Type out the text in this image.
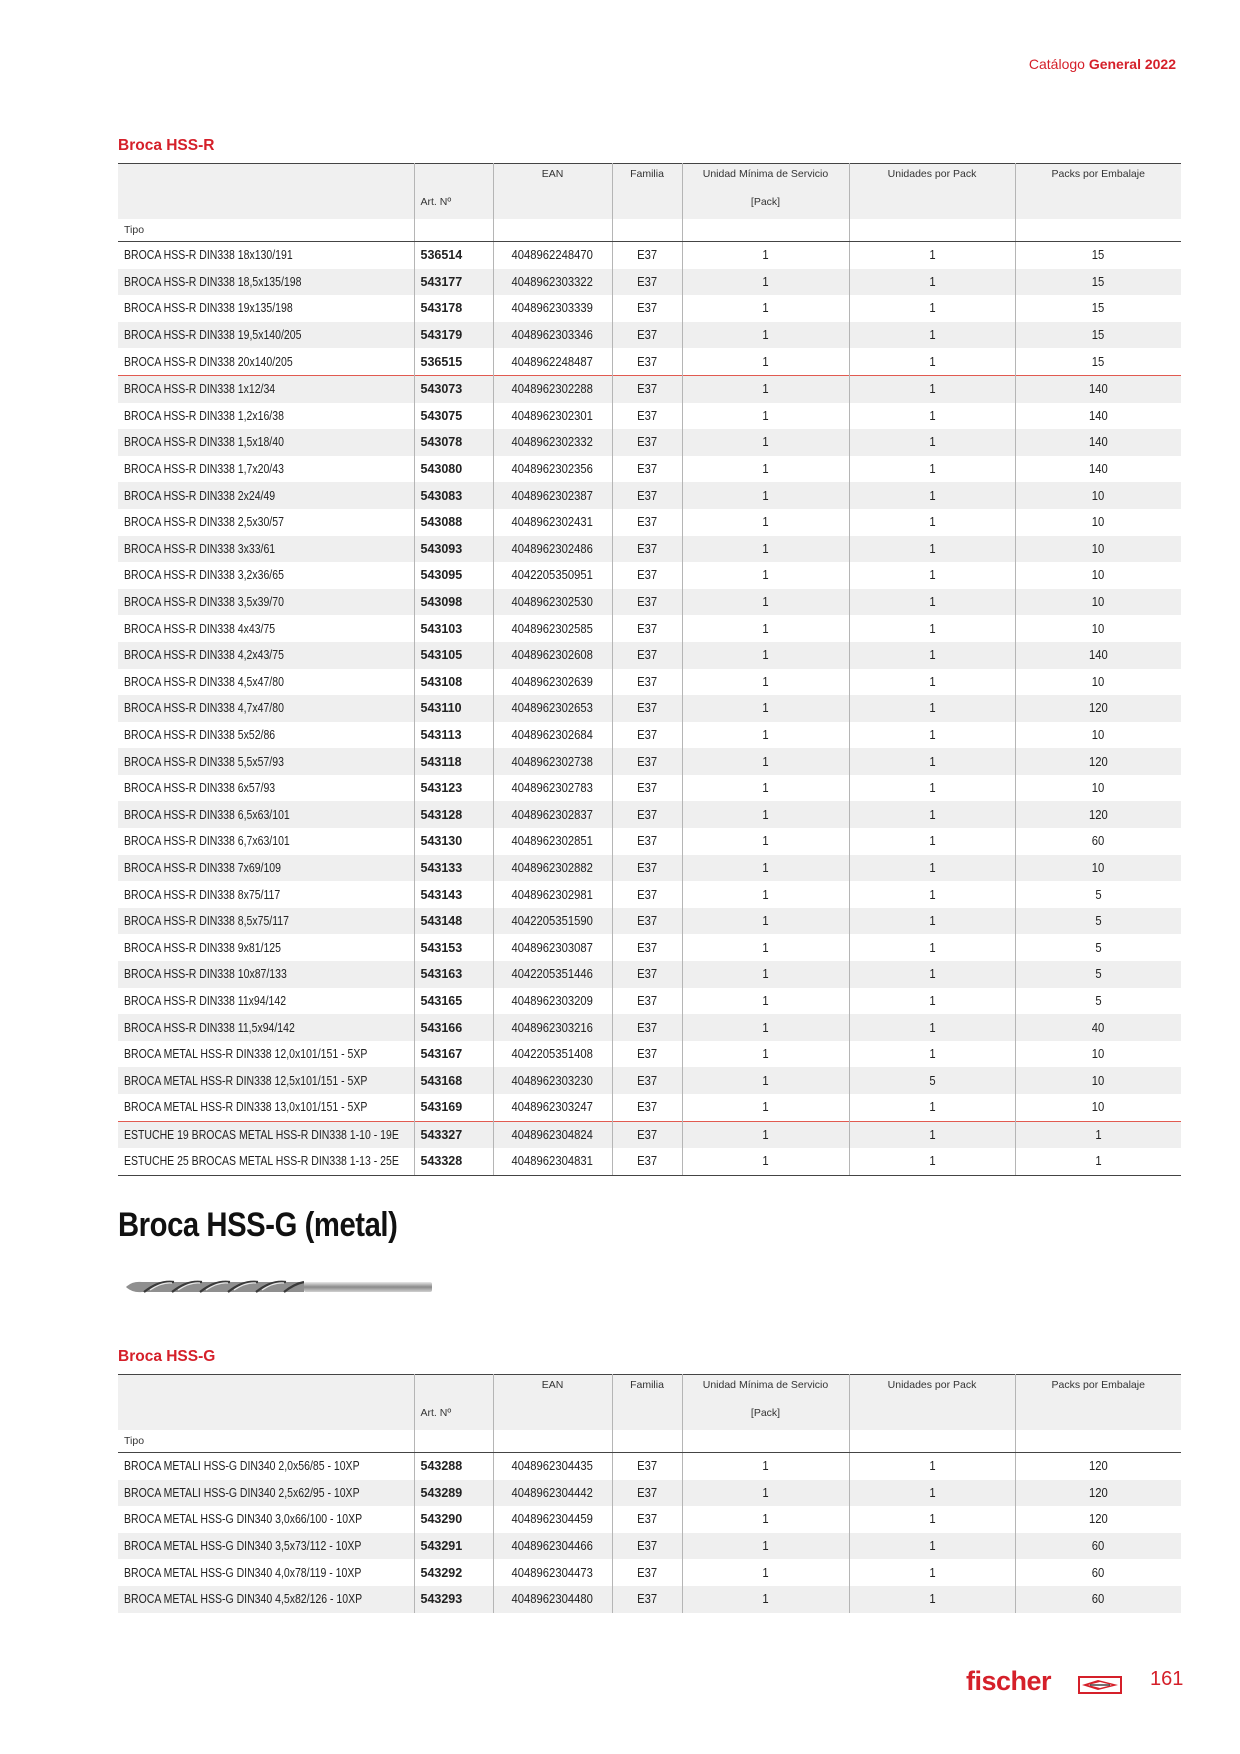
Catálogo General 2022
Broca HSS-R
		EAN	Familia	Unidad Mínima de Servicio	Unidades por Pack	Packs por Embalaje
	Art. Nº			[Pack]		
Tipo						
BROCA HSS-R DIN338 18x130/191	536514	4048962248470	E37	1	1	15
BROCA HSS-R DIN338 18,5x135/198	543177	4048962303322	E37	1	1	15
BROCA HSS-R DIN338 19x135/198	543178	4048962303339	E37	1	1	15
BROCA HSS-R DIN338 19,5x140/205	543179	4048962303346	E37	1	1	15
BROCA HSS-R DIN338 20x140/205	536515	4048962248487	E37	1	1	15
BROCA HSS-R DIN338 1x12/34	543073	4048962302288	E37	1	1	140
BROCA HSS-R DIN338 1,2x16/38	543075	4048962302301	E37	1	1	140
BROCA HSS-R DIN338 1,5x18/40	543078	4048962302332	E37	1	1	140
BROCA HSS-R DIN338 1,7x20/43	543080	4048962302356	E37	1	1	140
BROCA HSS-R DIN338 2x24/49	543083	4048962302387	E37	1	1	10
BROCA HSS-R DIN338 2,5x30/57	543088	4048962302431	E37	1	1	10
BROCA HSS-R DIN338 3x33/61	543093	4048962302486	E37	1	1	10
BROCA HSS-R DIN338 3,2x36/65	543095	4042205350951	E37	1	1	10
BROCA HSS-R DIN338 3,5x39/70	543098	4048962302530	E37	1	1	10
BROCA HSS-R DIN338 4x43/75	543103	4048962302585	E37	1	1	10
BROCA HSS-R DIN338 4,2x43/75	543105	4048962302608	E37	1	1	140
BROCA HSS-R DIN338 4,5x47/80	543108	4048962302639	E37	1	1	10
BROCA HSS-R DIN338 4,7x47/80	543110	4048962302653	E37	1	1	120
BROCA HSS-R DIN338 5x52/86	543113	4048962302684	E37	1	1	10
BROCA HSS-R DIN338 5,5x57/93	543118	4048962302738	E37	1	1	120
BROCA HSS-R DIN338 6x57/93	543123	4048962302783	E37	1	1	10
BROCA HSS-R DIN338 6,5x63/101	543128	4048962302837	E37	1	1	120
BROCA HSS-R DIN338 6,7x63/101	543130	4048962302851	E37	1	1	60
BROCA HSS-R DIN338 7x69/109	543133	4048962302882	E37	1	1	10
BROCA HSS-R DIN338 8x75/117	543143	4048962302981	E37	1	1	5
BROCA HSS-R DIN338 8,5x75/117	543148	4042205351590	E37	1	1	5
BROCA HSS-R DIN338 9x81/125	543153	4048962303087	E37	1	1	5
BROCA HSS-R DIN338 10x87/133	543163	4042205351446	E37	1	1	5
BROCA HSS-R DIN338 11x94/142	543165	4048962303209	E37	1	1	5
BROCA HSS-R DIN338 11,5x94/142	543166	4048962303216	E37	1	1	40
BROCA METAL HSS-R DIN338 12,0x101/151 - 5XP	543167	4042205351408	E37	1	1	10
BROCA METAL HSS-R DIN338 12,5x101/151 - 5XP	543168	4048962303230	E37	1	5	10
BROCA METAL HSS-R DIN338 13,0x101/151 - 5XP	543169	4048962303247	E37	1	1	10
ESTUCHE 19 BROCAS METAL HSS-R DIN338 1-10 - 19E	543327	4048962304824	E37	1	1	1
ESTUCHE 25 BROCAS METAL HSS-R DIN338 1-13 - 25E	543328	4048962304831	E37	1	1	1
Broca HSS-G (metal)
Broca HSS-G
		EAN	Familia	Unidad Mínima de Servicio	Unidades por Pack	Packs por Embalaje
	Art. Nº			[Pack]		
Tipo						
BROCA METALI HSS-G DIN340 2,0x56/85 - 10XP	543288	4048962304435	E37	1	1	120
BROCA METALI HSS-G DIN340 2,5x62/95 - 10XP	543289	4048962304442	E37	1	1	120
BROCA METAL HSS-G DIN340 3,0x66/100 - 10XP	543290	4048962304459	E37	1	1	120
BROCA METAL HSS-G DIN340 3,5x73/112 - 10XP	543291	4048962304466	E37	1	1	60
BROCA METAL HSS-G DIN340 4,0x78/119 - 10XP	543292	4048962304473	E37	1	1	60
BROCA METAL HSS-G DIN340 4,5x82/126 - 10XP	543293	4048962304480	E37	1	1	60
fischer	161
